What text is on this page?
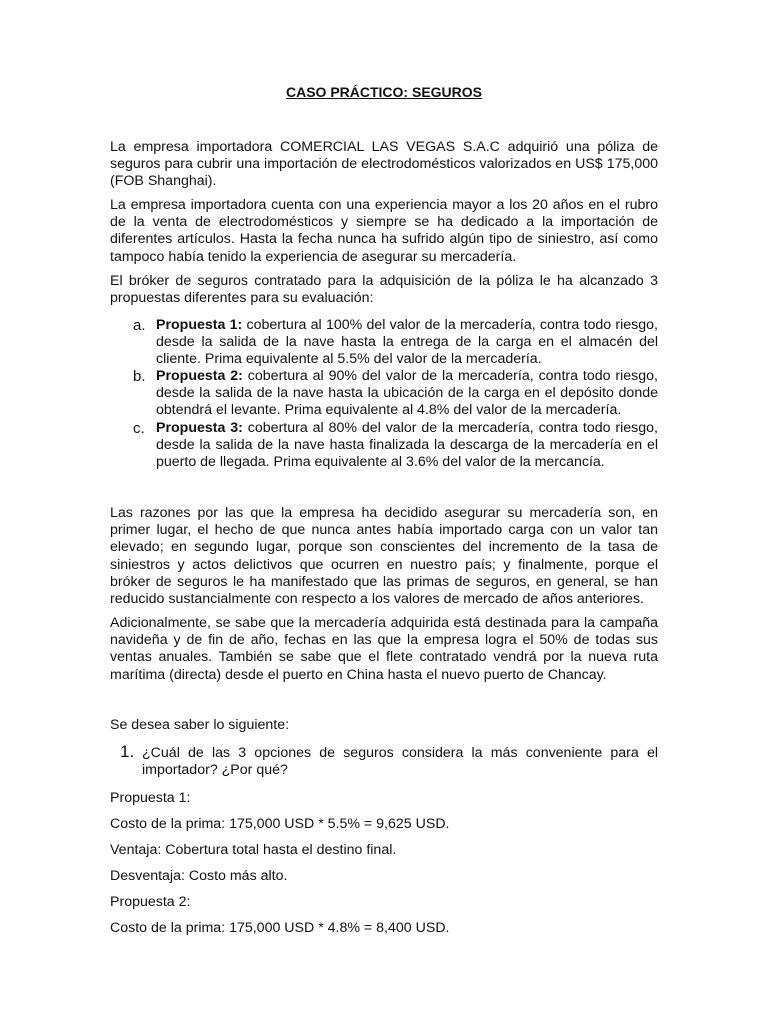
CASO PRÁCTICO: SEGUROS

La empresa importadora COMERCIAL LAS VEGAS S.A.C adquirió una póliza de seguros para cubrir una importación de electrodomésticos valorizados en US$ 175,000 (FOB Shanghai).

La empresa importadora cuenta con una experiencia mayor a los 20 años en el rubro de la venta de electrodomésticos y siempre se ha dedicado a la importación de diferentes artículos. Hasta la fecha nunca ha sufrido algún tipo de siniestro, así como tampoco había tenido la experiencia de asegurar su mercadería.

El bróker de seguros contratado para la adquisición de la póliza le ha alcanzado 3 propuestas diferentes para su evaluación:

a. Propuesta 1: cobertura al 100% del valor de la mercadería, contra todo riesgo, desde la salida de la nave hasta la entrega de la carga en el almacén del cliente. Prima equivalente al 5.5% del valor de la mercadería.
b. Propuesta 2: cobertura al 90% del valor de la mercadería, contra todo riesgo, desde la salida de la nave hasta la ubicación de la carga en el depósito donde obtendrá el levante. Prima equivalente al 4.8% del valor de la mercadería.
c. Propuesta 3: cobertura al 80% del valor de la mercadería, contra todo riesgo, desde la salida de la nave hasta finalizada la descarga de la mercadería en el puerto de llegada. Prima equivalente al 3.6% del valor de la mercancía.

Las razones por las que la empresa ha decidido asegurar su mercadería son, en primer lugar, el hecho de que nunca antes había importado carga con un valor tan elevado; en segundo lugar, porque son conscientes del incremento de la tasa de siniestros y actos delictivos que ocurren en nuestro país; y finalmente, porque el bróker de seguros le ha manifestado que las primas de seguros, en general, se han reducido sustancialmente con respecto a los valores de mercado de años anteriores.

Adicionalmente, se sabe que la mercadería adquirida está destinada para la campaña navideña y de fin de año, fechas en las que la empresa logra el 50% de todas sus ventas anuales. También se sabe que el flete contratado vendrá por la nueva ruta marítima (directa) desde el puerto en China hasta el nuevo puerto de Chancay.

Se desea saber lo siguiente:

1. ¿Cuál de las 3 opciones de seguros considera la más conveniente para el importador? ¿Por qué?

Propuesta 1:

Costo de la prima: 175,000 USD * 5.5% = 9,625 USD.

Ventaja: Cobertura total hasta el destino final.

Desventaja: Costo más alto.

Propuesta 2:

Costo de la prima: 175,000 USD * 4.8% = 8,400 USD.
